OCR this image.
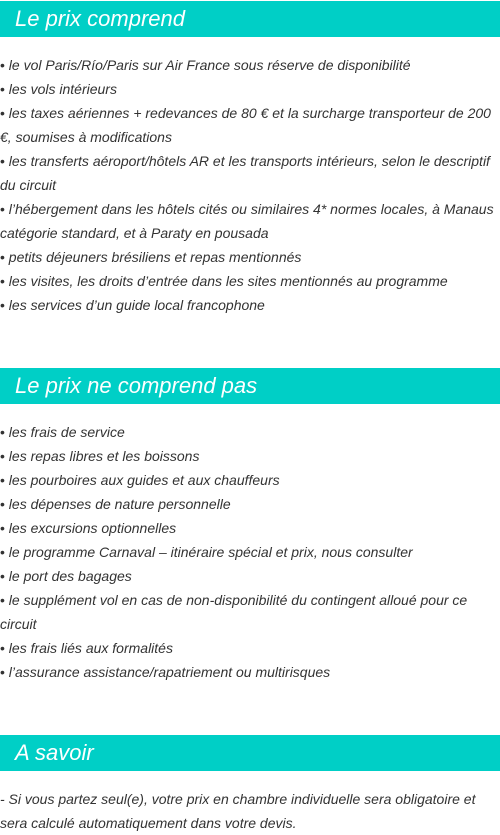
Le prix comprend
• le vol Paris/Río/Paris sur Air France sous réserve de disponibilité
• les vols intérieurs
• les taxes aériennes + redevances de 80 € et la surcharge transporteur de 200 €, soumises à modifications
• les transferts aéroport/hôtels AR et les transports intérieurs, selon le descriptif du circuit
• l’hébergement dans les hôtels cités ou similaires 4* normes locales, à Manaus catégorie standard, et à Paraty en pousada
• petits déjeuners brésiliens et repas mentionnés
• les visites, les droits d’entrée dans les sites mentionnés au programme
• les services d’un guide local francophone
Le prix ne comprend pas
• les frais de service
• les repas libres et les boissons
• les pourboires aux guides et aux chauffeurs
• les dépenses de nature personnelle
• les excursions optionnelles
• le programme Carnaval – itinéraire spécial et prix, nous consulter
• le port des bagages
• le supplément vol en cas de non-disponibilité du contingent alloué pour ce circuit
• les frais liés aux formalités
• l’assurance assistance/rapatriement ou multirisques
A savoir

- Si vous partez seul(e), votre prix en chambre individuelle sera obligatoire et sera calculé automatiquement dans votre devis.
